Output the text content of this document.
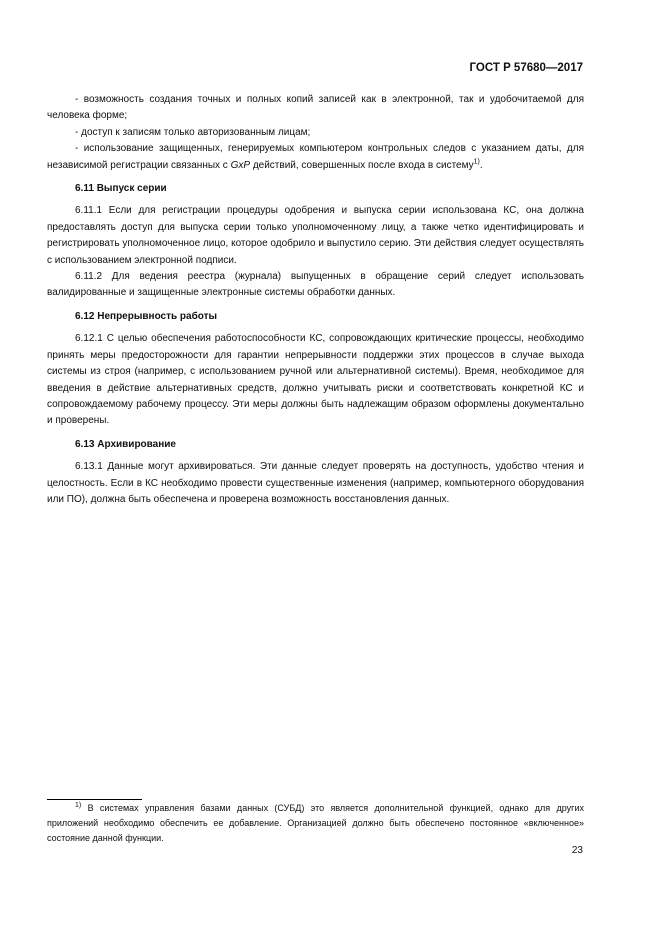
ГОСТ Р 57680—2017

- возможность создания точных и полных копий записей как в электронной, так и удобочитаемой для человека форме;

- доступ к записям только авторизованным лицам;

- использование защищенных, генерируемых компьютером контрольных следов с указанием даты, для независимой регистрации связанных с GxP действий, совершенных после входа в систему$^{1)}$.

6.11 Выпуск серии

6.11.1 Если для регистрации процедуры одобрения и выпуска серии использована КС, она должна предоставлять доступ для выпуска серии только уполномоченному лицу, а также четко идентифицировать и регистрировать уполномоченное лицо, которое одобрило и выпустило серию. Эти действия следует осуществлять с использованием электронной подписи.

6.11.2 Для ведения реестра (журнала) выпущенных в обращение серий следует использовать валидированные и защищенные электронные системы обработки данных.

6.12 Непрерывность работы

6.12.1 С целью обеспечения работоспособности КС, сопровождающих критические процессы, необходимо принять меры предосторожности для гарантии непрерывности поддержки этих процессов в случае выхода системы из строя (например, с использованием ручной или альтернативной системы). Время, необходимое для введения в действие альтернативных средств, должно учитывать риски и соответствовать конкретной КС и сопровождаемому рабочему процессу. Эти меры должны быть надлежащим образом оформлены документально и проверены.

6.13 Архивирование

6.13.1 Данные могут архивироваться. Эти данные следует проверять на доступность, удобство чтения и целостность. Если в КС необходимо провести существенные изменения (например, компьютерного оборудования или ПО), должна быть обеспечена и проверена возможность восстановления данных.

$^{1)}$ В системах управления базами данных (СУБД) это является дополнительной функцией, однако для других приложений необходимо обеспечить ее добавление. Организацией должно быть обеспечено постоянное «включенное» состояние данной функции.

23
